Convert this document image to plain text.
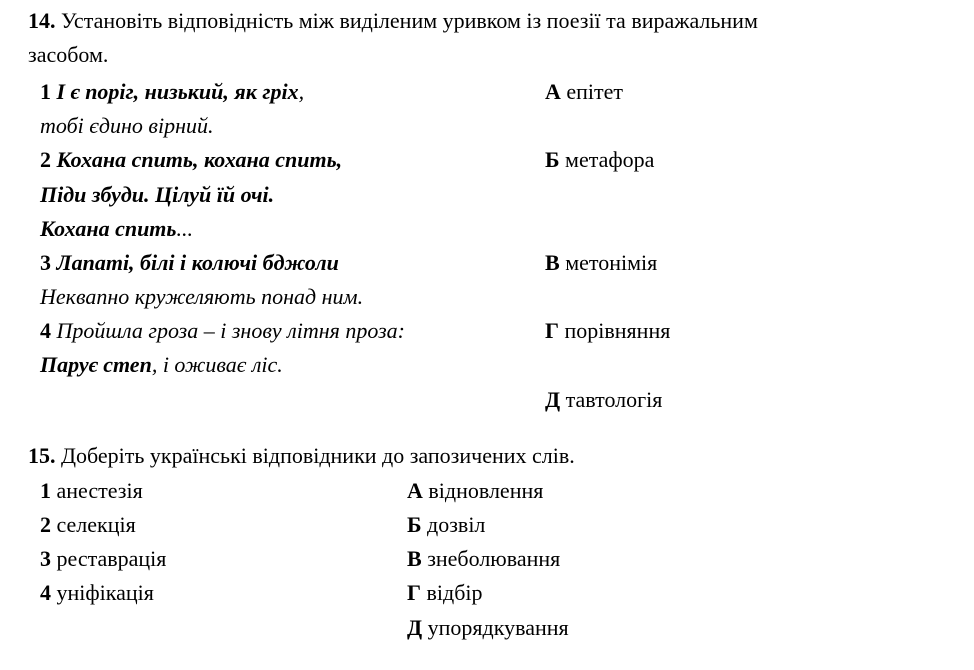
14. Установіть відповідність між виділеним уривком із поезії та виражальним
засобом.
1 І є поріг, низький, як гріх,
тобі єдино вірний.
2 Кохана спить, кохана спить,
Піди збуди. Цілуй їй очі.
Кохана спить...
3 Лапаті, білі і колючі бджоли
Неквапно кружеляють понад ним.
4 Пройшла гроза – і знову літня проза:
Парує степ, і оживає ліс.
А епітет
Б метафора
В метонімія
Г порівняння
Д тавтологія
15. Доберіть українські відповідники до запозичених слів.
1 анестезія
2 селекція
3 реставрація
4 уніфікація
А відновлення
Б дозвіл
В знеболювання
Г відбір
Д упорядкування
